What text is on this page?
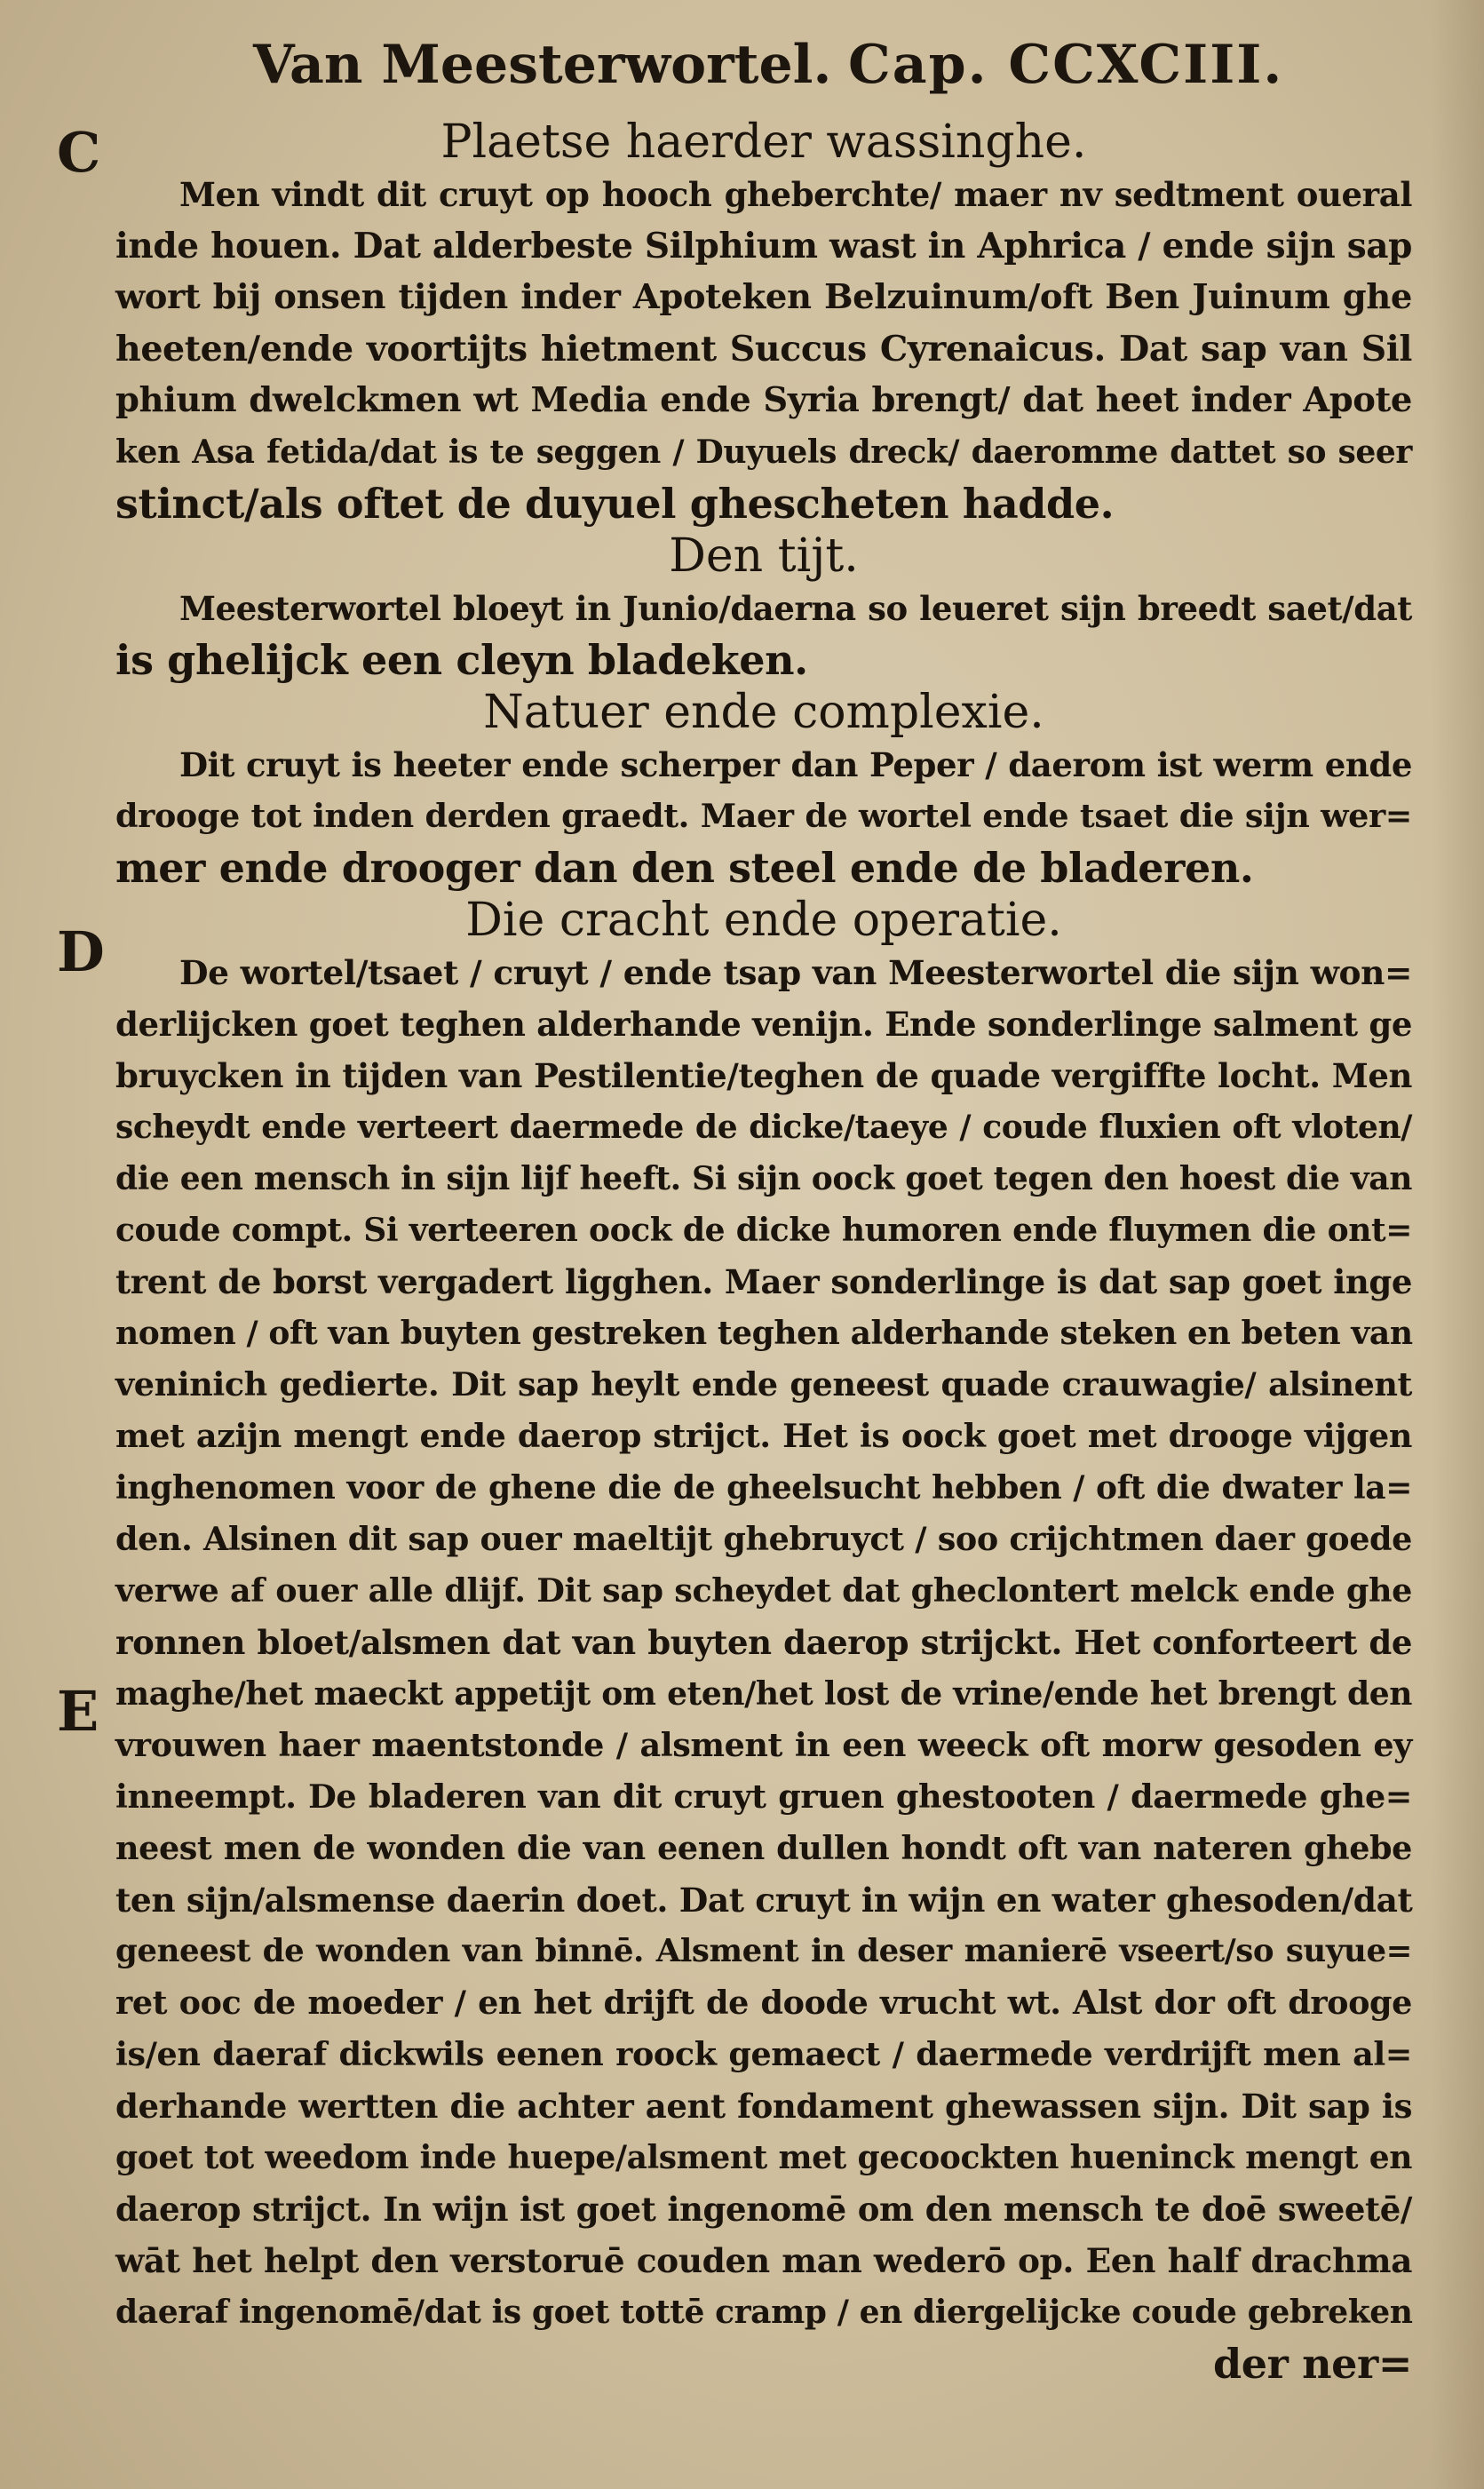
Van Meesterwortel. Cap. CCXCIII.
C
D
E
Plaetse haerder wassinghe.
Men vindt dit cruyt op hooch gheberchte/ maer nv sedtment oueral
inde houen. Dat alderbeste Silphium wast in Aphrica / ende sijn sap
wort bij onsen tijden inder Apoteken Belzuinum/oft Ben Juinum ghe
heeten/ende voortijts hietment Succus Cyrenaicus. Dat sap van Sil
phium dwelckmen wt Media ende Syria brengt/ dat heet inder Apote
ken Asa fetida/dat is te seggen / Duyuels dreck/ daeromme dattet so seer
stinct/als oftet de duyuel ghescheten hadde.
Den tijt.
Meesterwortel bloeyt in Junio/daerna so leueret sijn breedt saet/dat
is ghelijck een cleyn bladeken.
Natuer ende complexie.
Dit cruyt is heeter ende scherper dan Peper / daerom ist werm ende
drooge tot inden derden graedt. Maer de wortel ende tsaet die sijn wer=
mer ende drooger dan den steel ende de bladeren.
Die cracht ende operatie.
De wortel/tsaet / cruyt / ende tsap van Meesterwortel die sijn won=
derlijcken goet teghen alderhande venijn. Ende sonderlinge salment ge
bruycken in tijden van Pestilentie/teghen de quade vergiffte locht. Men
scheydt ende verteert daermede de dicke/taeye / coude fluxien oft vloten/
die een mensch in sijn lijf heeft. Si sijn oock goet tegen den hoest die van
coude compt. Si verteeren oock de dicke humoren ende fluymen die ont=
trent de borst vergadert ligghen. Maer sonderlinge is dat sap goet inge
nomen / oft van buyten gestreken teghen alderhande steken en beten van
veninich gedierte. Dit sap heylt ende geneest quade crauwagie/ alsinent
met azijn mengt ende daerop strijct. Het is oock goet met drooge vijgen
inghenomen voor de ghene die de gheelsucht hebben / oft die dwater la=
den. Alsinen dit sap ouer maeltijt ghebruyct / soo crijchtmen daer goede
verwe af ouer alle dlijf. Dit sap scheydet dat gheclontert melck ende ghe
ronnen bloet/alsmen dat van buyten daerop strijckt. Het conforteert de
maghe/het maeckt appetijt om eten/het lost de vrine/ende het brengt den
vrouwen haer maentstonde / alsment in een weeck oft morw gesoden ey
inneempt. De bladeren van dit cruyt gruen ghestooten / daermede ghe=
neest men de wonden die van eenen dullen hondt oft van nateren ghebe
ten sijn/alsmense daerin doet. Dat cruyt in wijn en water ghesoden/dat
geneest de wonden van binnē. Alsment in deser manierē vseert/so suyue=
ret ooc de moeder / en het drijft de doode vrucht wt. Alst dor oft drooge
is/en daeraf dickwils eenen roock gemaect / daermede verdrijft men al=
derhande wertten die achter aent fondament ghewassen sijn. Dit sap is
goet tot weedom inde huepe/alsment met gecoockten hueninck mengt en
daerop strijct. In wijn ist goet ingenomē om den mensch te doē sweetē/
wāt het helpt den verstoruē couden man wederō op. Een half drachma
daeraf ingenomē/dat is goet tottē cramp / en diergelijcke coude gebreken
der ner=
